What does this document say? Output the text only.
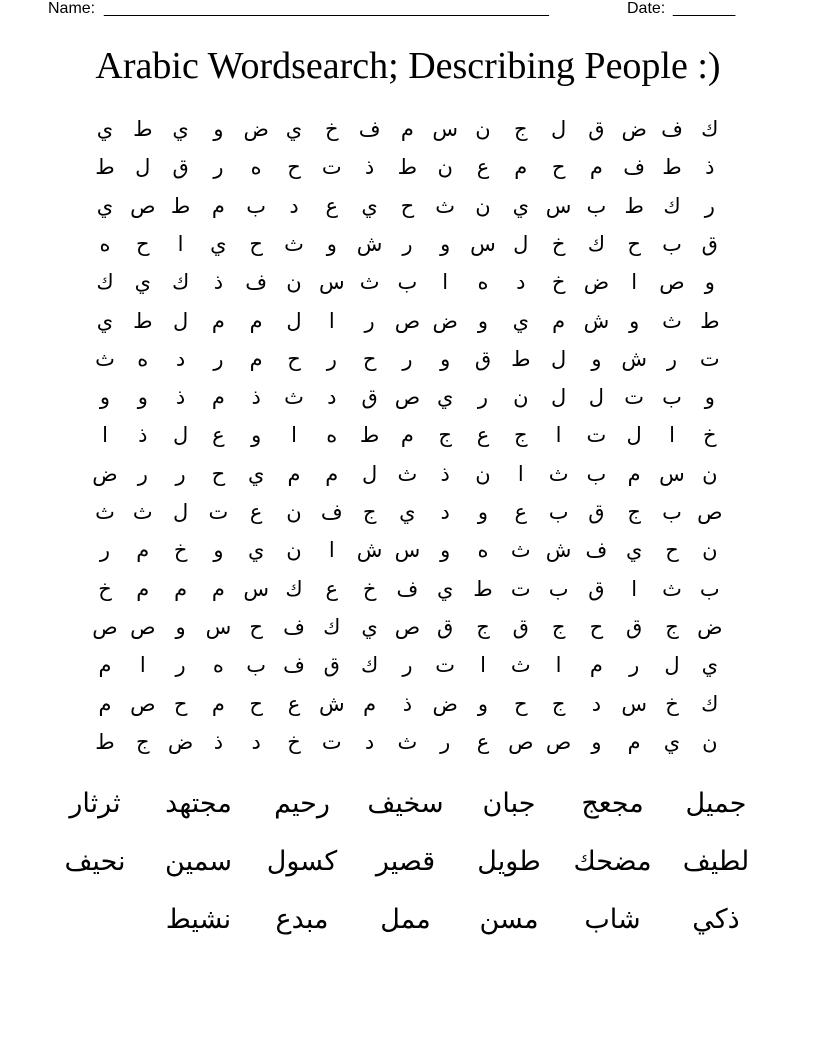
Name: __________________________________________________	Date: _______
Arabic Wordsearch; Describing People :)
ك
ف
ض
ق
ل
ج
ن
س
م
ف
خ
ي
ض
و
ي
ط
ي
ذ
ط
ف
م
ح
م
ع
ن
ط
ذ
ت
ح
ه
ر
ق
ل
ط
ر
ك
ط
ب
س
ي
ن
ث
ح
ي
ع
د
ب
م
ط
ص
ي
ق
ب
ح
ك
خ
ل
س
و
ر
ش
و
ث
ح
ي
ا
ح
ه
و
ص
ا
ض
خ
د
ه
ا
ب
ث
س
ن
ف
ذ
ك
ي
ك
ط
ث
و
ش
م
ي
و
ض
ص
ر
ا
ل
م
م
ل
ط
ي
ت
ر
ش
و
ل
ط
ق
و
ر
ح
ر
ح
م
ر
د
ه
ث
و
ب
ت
ل
ل
ن
ر
ي
ص
ق
د
ث
ذ
م
ذ
و
و
خ
ا
ل
ت
ا
ج
ع
ج
م
ط
ه
ا
و
ع
ل
ذ
ا
ن
س
م
ب
ث
ا
ن
ذ
ث
ل
م
م
ي
ح
ر
ر
ض
ص
ب
ج
ق
ب
ع
و
د
ي
ج
ف
ن
ع
ت
ل
ث
ث
ن
ح
ي
ف
ش
ث
ه
و
س
ش
ا
ن
ي
و
خ
م
ر
ب
ث
ا
ق
ب
ت
ط
ي
ف
خ
ع
ك
س
م
م
م
خ
ض
ج
ق
ح
ج
ق
ج
ق
ص
ي
ك
ف
ح
س
و
ص
ص
ي
ل
ر
م
ا
ث
ا
ت
ر
ك
ق
ف
ب
ه
ر
ا
م
ك
خ
س
د
ج
ح
و
ض
ذ
م
ش
ع
ح
م
ح
ص
م
ن
ي
م
و
ص
ص
ع
ر
ث
د
ت
خ
د
ذ
ض
ج
ط
جميل
مجعج
جبان
سخيف
رحيم
مجتهد
ثرثار
لطيف
مضحك
طويل
قصير
كسول
سمين
نحيف
ذكي
شاب
مسن
ممل
مبدع
نشيط
